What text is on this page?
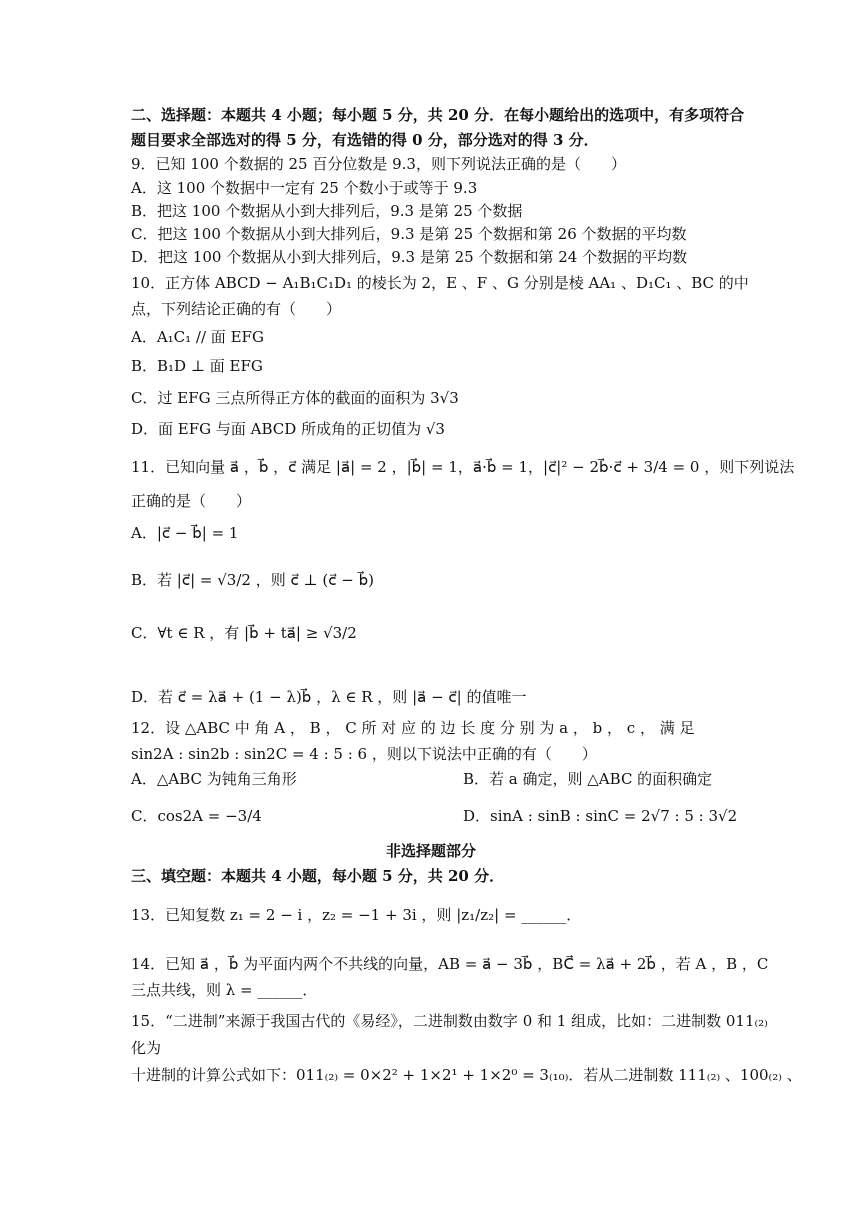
二、选择题：本题共 4 小题；每小题 5 分，共 20 分．在每小题给出的选项中，有多项符合
题目要求全部选对的得 5 分，有选错的得 0 分，部分选对的得 3 分．
9．已知 100 个数据的 25 百分位数是 9.3，则下列说法正确的是（　　）
A．这 100 个数据中一定有 25 个数小于或等于 9.3
B．把这 100 个数据从小到大排列后，9.3 是第 25 个数据
C．把这 100 个数据从小到大排列后，9.3 是第 25 个数据和第 26 个数据的平均数
D．把这 100 个数据从小到大排列后，9.3 是第 25 个数据和第 24 个数据的平均数
10．正方体 ABCD − A₁B₁C₁D₁ 的棱长为 2，E 、F 、G 分别是棱 AA₁ 、D₁C₁ 、BC 的中
点，下列结论正确的有（　　）
A．A₁C₁ // 面 EFG
B．B₁D ⊥ 面 EFG
C．过 EFG 三点所得正方体的截面的面积为 3√3
D．面 EFG 与面 ABCD 所成角的正切值为 √3
11．已知向量 a⃗ ，b⃗ ，c⃗ 满足 |a⃗| = 2 ，|b⃗| = 1，a⃗·b⃗ = 1，|c⃗|² − 2b⃗·c⃗ + 3/4 = 0 ，则下列说法
正确的是（　　）
A．|c⃗ − b⃗| = 1
B．若 |c⃗| = √3/2 ，则 c⃗ ⊥ (c⃗ − b⃗)
C．∀t ∈ R ，有 |b⃗ + ta⃗| ≥ √3/2
D．若 c⃗ = λa⃗ + (1 − λ)b⃗ ，λ ∈ R ，则 |a⃗ − c⃗| 的值唯一
12．设 △ABC 中 角 A ， B ， C 所 对 应 的 边 长 度 分 别 为 a ， b ， c ， 满 足
sin2A : sin2b : sin2C = 4 : 5 : 6 ，则以下说法中正确的有（　　）
A．△ABC 为钝角三角形	B．若 a 确定，则 △ABC 的面积确定
C．cos2A = −3/4	D．sinA : sinB : sinC = 2√7 : 5 : 3√2
非选择题部分
三、填空题：本题共 4 小题，每小题 5 分，共 20 分．
13．已知复数 z₁ = 2 − i ，z₂ = −1 + 3i ，则 |z₁/z₂| = ______．
14．已知 a⃗ ，b⃗ 为平面内两个不共线的向量，AB = a⃗ − 3b⃗ ，BC⃗ = λa⃗ + 2b⃗ ，若 A ，B ，C
三点共线，则 λ = ______．
15．“二进制”来源于我国古代的《易经》，二进制数由数字 0 和 1 组成，比如：二进制数 011₍₂₎
化为
十进制的计算公式如下：011₍₂₎ = 0×2² + 1×2¹ + 1×2⁰ = 3₍₁₀₎．若从二进制数 111₍₂₎ 、100₍₂₎ 、
